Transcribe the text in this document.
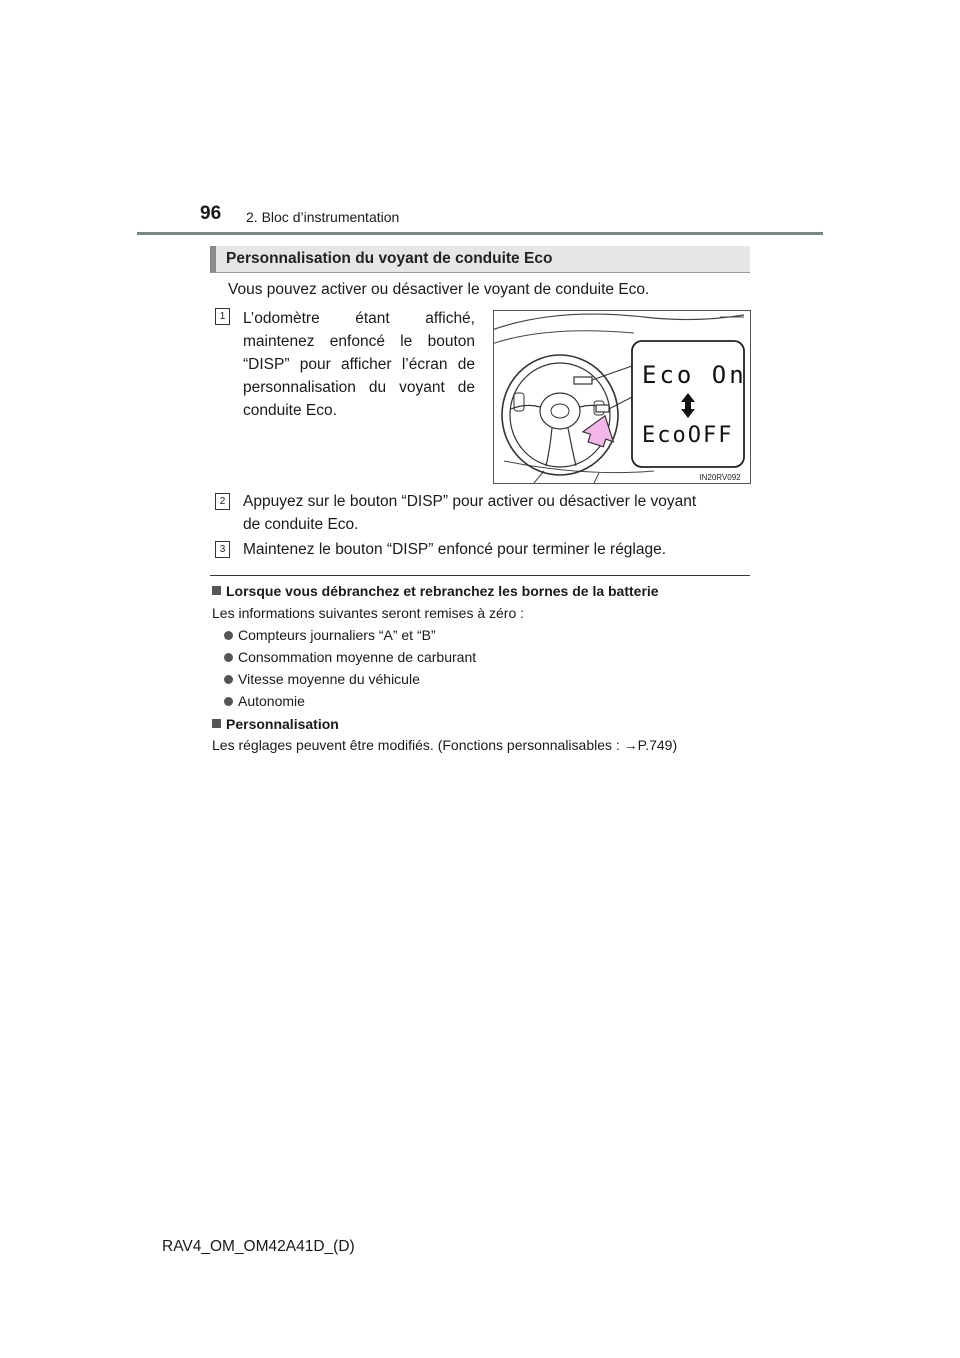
96 2. Bloc d’instrumentation
Personnalisation du voyant de conduite Eco
Vous pouvez activer ou désactiver le voyant de conduite Eco.
1	L’odomètre étant affiché, maintenez enfoncé le bouton “DISP” pour afficher l’écran de personnalisation du voyant de conduite Eco.
Eco On
EcoOFF
IN20RV092
2	Appuyez sur le bouton “DISP” pour activer ou désactiver le voyant
de conduite Eco.
3	Maintenez le bouton “DISP” enfoncé pour terminer le réglage.
Lorsque vous débranchez et rebranchez les bornes de la batterie
Les informations suivantes seront remises à zéro :
Compteurs journaliers “A” et “B”
Consommation moyenne de carburant
Vitesse moyenne du véhicule
Autonomie
Personnalisation
Les réglages peuvent être modifiés. (Fonctions personnalisables : →P.749)
RAV4_OM_OM42A41D_(D)
